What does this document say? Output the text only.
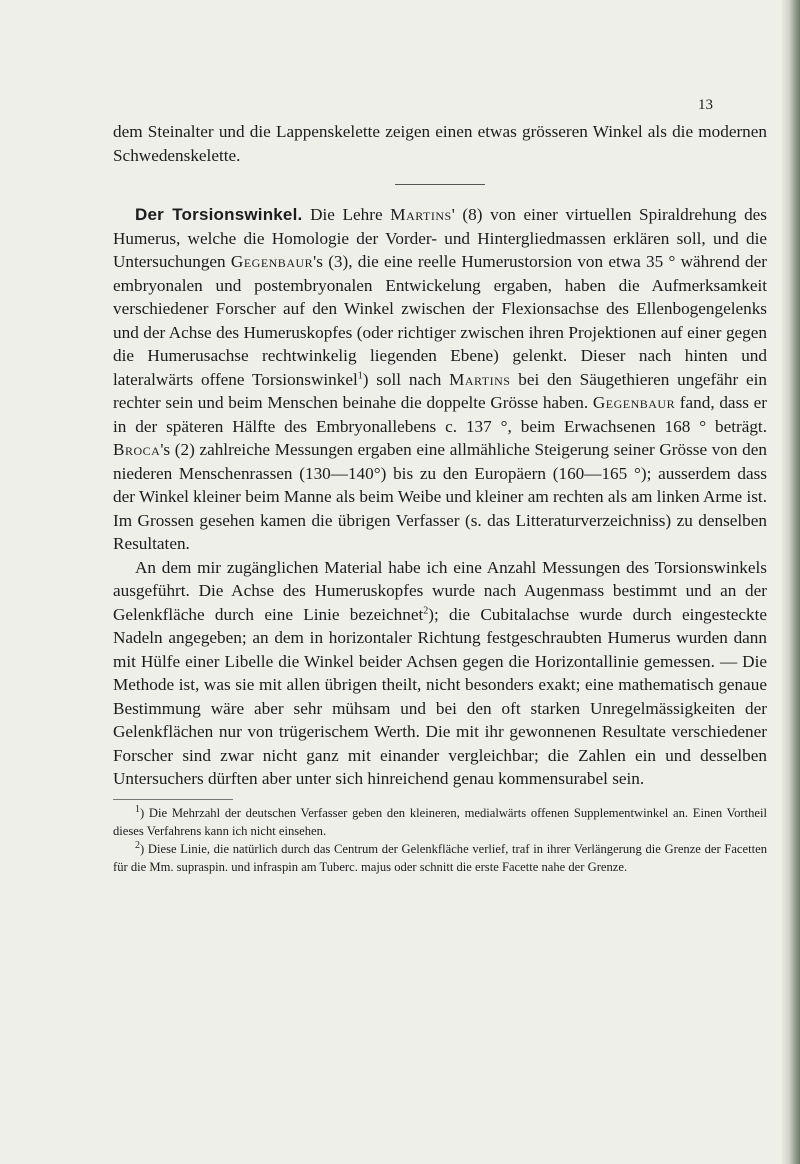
13

dem Steinalter und die Lappenskelette zeigen einen etwas grösseren Winkel als die modernen Schwedenskelette.

Der Torsionswinkel. Die Lehre Martins' (8) von einer virtuellen Spiraldrehung des Humerus, welche die Homologie der Vorder- und Hintergliedmassen erklären soll, und die Untersuchungen Gegenbaur's (3), die eine reelle Humerustorsion von etwa 35 ° während der embryonalen und postembryonalen Entwickelung ergaben, haben die Aufmerksamkeit verschiedener Forscher auf den Winkel zwischen der Flexionsachse des Ellenbogengelenks und der Achse des Humeruskopfes (oder richtiger zwischen ihren Projektionen auf einer gegen die Humerusachse rechtwinkelig liegenden Ebene) gelenkt. Dieser nach hinten und lateralwärts offene Torsionswinkel$^1$) soll nach Martins bei den Säugethieren ungefähr ein rechter sein und beim Menschen beinahe die doppelte Grösse haben. Gegenbaur fand, dass er in der späteren Hälfte des Embryonallebens c. 137 °, beim Erwachsenen 168 ° beträgt. Broca's (2) zahlreiche Messungen ergaben eine allmähliche Steigerung seiner Grösse von den niederen Menschenrassen (130—140°) bis zu den Europäern (160—165 °); ausserdem dass der Winkel kleiner beim Manne als beim Weibe und kleiner am rechten als am linken Arme ist. Im Grossen gesehen kamen die übrigen Verfasser (s. das Litteraturverzeichniss) zu denselben Resultaten.

An dem mir zugänglichen Material habe ich eine Anzahl Messungen des Torsionswinkels ausgeführt. Die Achse des Humeruskopfes wurde nach Augenmass bestimmt und an der Gelenkfläche durch eine Linie bezeichnet$^2$); die Cubitalachse wurde durch eingesteckte Nadeln angegeben; an dem in horizontaler Richtung festgeschraubten Humerus wurden dann mit Hülfe einer Libelle die Winkel beider Achsen gegen die Horizontallinie gemessen. — Die Methode ist, was sie mit allen übrigen theilt, nicht besonders exakt; eine mathematisch genaue Bestimmung wäre aber sehr mühsam und bei den oft starken Unregelmässigkeiten der Gelenkflächen nur von trügerischem Werth. Die mit ihr gewonnenen Resultate verschiedener Forscher sind zwar nicht ganz mit einander vergleichbar; die Zahlen ein und desselben Untersuchers dürften aber unter sich hinreichend genau kommensurabel sein.

$^1$) Die Mehrzahl der deutschen Verfasser geben den kleineren, medialwärts offenen Supplementwinkel an. Einen Vortheil dieses Verfahrens kann ich nicht einsehen.

$^2$) Diese Linie, die natürlich durch das Centrum der Gelenkfläche verlief, traf in ihrer Verlängerung die Grenze der Facetten für die Mm. supraspin. und infraspin am Tuberc. majus oder schnitt die erste Facette nahe der Grenze.
